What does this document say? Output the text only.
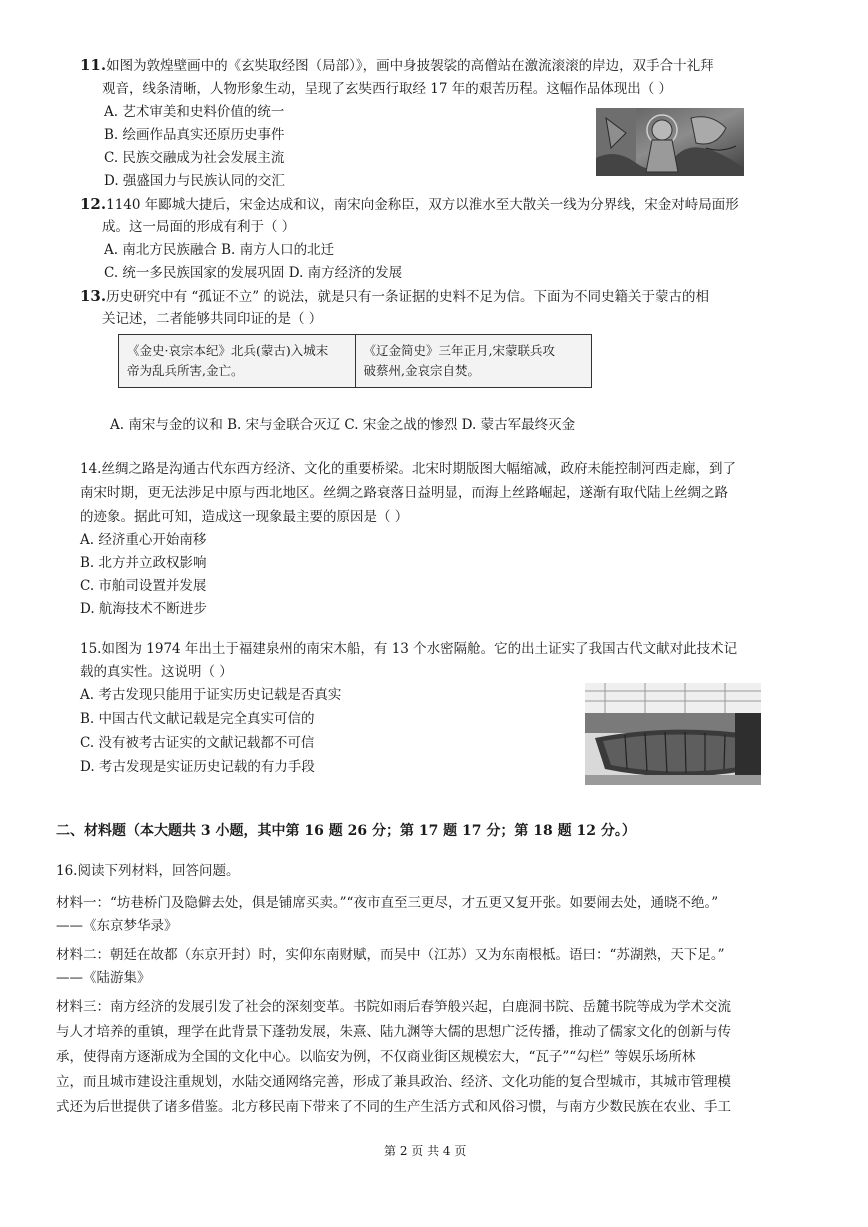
11.如图为敦煌壁画中的《玄奘取经图（局部）》，画中身披袈裟的高僧站在激流滚滚的岸边，双手合十礼拜
观音，线条清晰，人物形象生动，呈现了玄奘西行取经 17 年的艰苦历程。这幅作品体现出（ ）
A. 艺术审美和史料价值的统一
B. 绘画作品真实还原历史事件
C. 民族交融成为社会发展主流
D. 强盛国力与民族认同的交汇
12.1140 年郾城大捷后，宋金达成和议，南宋向金称臣，双方以淮水至大散关一线为分界线，宋金对峙局面形
成。这一局面的形成有利于（ ）
A. 南北方民族融合 B. 南方人口的北迁
C. 统一多民族国家的发展巩固 D. 南方经济的发展
13.历史研究中有 “孤证不立” 的说法，就是只有一条证据的史料不足为信。下面为不同史籍关于蒙古的相
关记述，二者能够共同印证的是（ ）
《金史·哀宗本纪》北兵(蒙古)入城末
帝为乱兵所害,金亡。

《辽金简史》三年正月,宋蒙联兵攻
破蔡州,金哀宗自焚。
A. 南宋与金的议和 B. 宋与金联合灭辽 C. 宋金之战的惨烈 D. 蒙古军最终灭金
14.丝绸之路是沟通古代东西方经济、文化的重要桥梁。北宋时期版图大幅缩减，政府未能控制河西走廊，到了
南宋时期，更无法涉足中原与西北地区。丝绸之路衰落日益明显，而海上丝路崛起，遂渐有取代陆上丝绸之路
的迹象。据此可知，造成这一现象最主要的原因是（ ）
A. 经济重心开始南移
B. 北方并立政权影响
C. 市舶司设置并发展
D. 航海技术不断进步
15.如图为 1974 年出土于福建泉州的南宋木船，有 13 个水密隔舱。它的出土证实了我国古代文献对此技术记
载的真实性。这说明（ ）
A. 考古发现只能用于证实历史记载是否真实
B. 中国古代文献记载是完全真实可信的
C. 没有被考古证实的文献记载都不可信
D. 考古发现是实证历史记载的有力手段
二、材料题（本大题共 3 小题，其中第 16 题 26 分；第 17 题 17 分；第 18 题 12 分。）
16.阅读下列材料，回答问题。
材料一：“坊巷桥门及隐僻去处，俱是铺席买卖。”“夜市直至三更尽，才五更又复开张。如要闹去处，通晓不绝。”
——《东京梦华录》
材料二：朝廷在故都（东京开封）时，实仰东南财赋，而吴中（江苏）又为东南根柢。语曰：“苏湖熟，天下足。”
——《陆游集》
材料三：南方经济的发展引发了社会的深刻变革。书院如雨后春笋般兴起，白鹿洞书院、岳麓书院等成为学术交流
与人才培养的重镇，理学在此背景下蓬勃发展，朱熹、陆九渊等大儒的思想广泛传播，推动了儒家文化的创新与传
承，使得南方逐渐成为全国的文化中心。以临安为例，不仅商业街区规模宏大，“瓦子”“勾栏” 等娱乐场所林
立，而且城市建设注重规划，水陆交通网络完善，形成了兼具政治、经济、文化功能的复合型城市，其城市管理模
式还为后世提供了诸多借鉴。北方移民南下带来了不同的生产生活方式和风俗习惯，与南方少数民族在农业、手工
第 2 页 共 4 页
